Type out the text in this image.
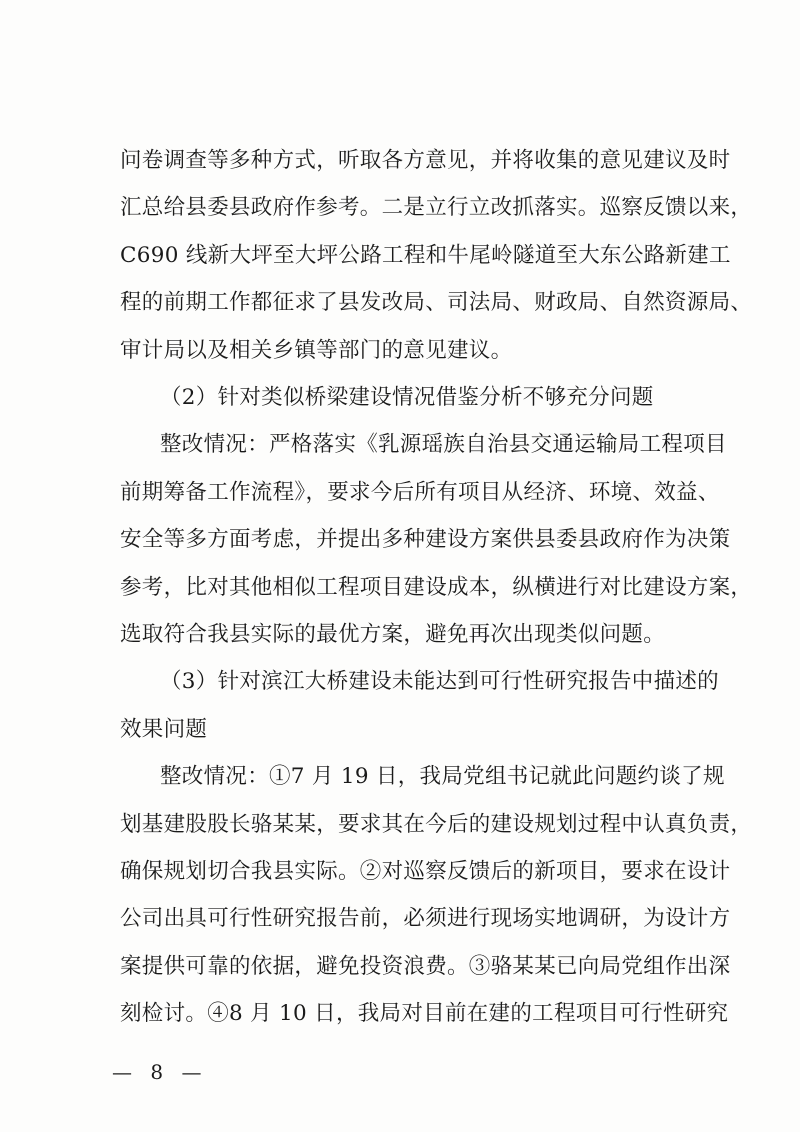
问卷调查等多种方式，听取各方意见，并将收集的意见建议及时
汇总给县委县政府作参考。二是立行立改抓落实。巡察反馈以来，
C690 线新大坪至大坪公路工程和牛尾岭隧道至大东公路新建工
程的前期工作都征求了县发改局、司法局、财政局、自然资源局、
审计局以及相关乡镇等部门的意见建议。
（2）针对类似桥梁建设情况借鉴分析不够充分问题
整改情况：严格落实《乳源瑶族自治县交通运输局工程项目
前期筹备工作流程》，要求今后所有项目从经济、环境、效益、
安全等多方面考虑，并提出多种建设方案供县委县政府作为决策
参考，比对其他相似工程项目建设成本，纵横进行对比建设方案，
选取符合我县实际的最优方案，避免再次出现类似问题。
（3）针对滨江大桥建设未能达到可行性研究报告中描述的
效果问题
整改情况：①7 月 19 日，我局党组书记就此问题约谈了规
划基建股股长骆某某，要求其在今后的建设规划过程中认真负责，
确保规划切合我县实际。②对巡察反馈后的新项目，要求在设计
公司出具可行性研究报告前，必须进行现场实地调研，为设计方
案提供可靠的依据，避免投资浪费。③骆某某已向局党组作出深
刻检讨。④8 月 10 日，我局对目前在建的工程项目可行性研究
— 8 —
